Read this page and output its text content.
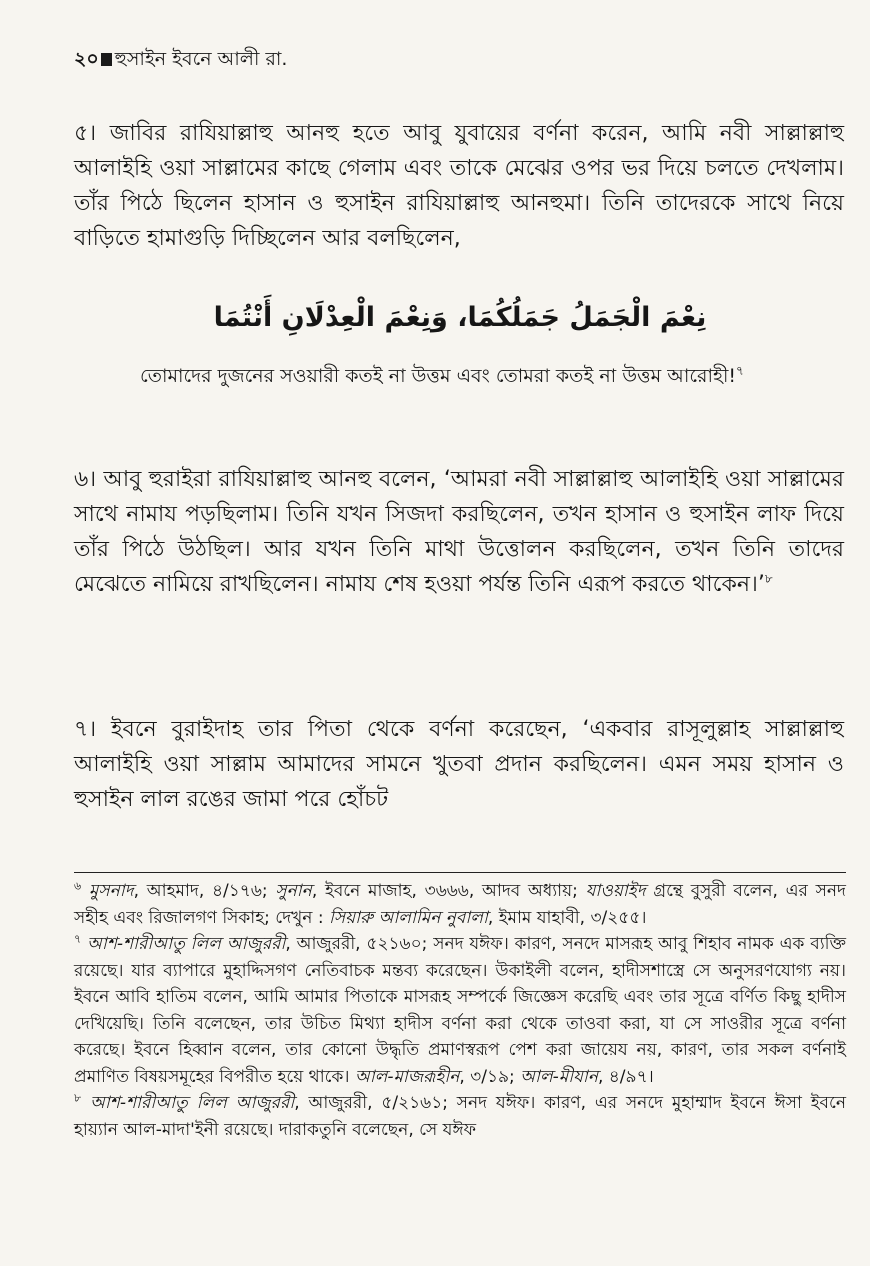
২০ হুসাইন ইবনে আলী রা.
৫। জাবির রাযিয়াল্লাহু আনহু হতে আবু যুবায়ের বর্ণনা করেন, আমি নবী সাল্লাল্লাহু আলাইহি ওয়া সাল্লামের কাছে গেলাম এবং তাকে মেঝের ওপর ভর দিয়ে চলতে দেখলাম। তাঁর পিঠে ছিলেন হাসান ও হুসাইন রাযিয়াল্লাহু আনহুমা। তিনি তাদেরকে সাথে নিয়ে বাড়িতে হামাগুড়ি দিচ্ছিলেন আর বলছিলেন,
نِعْمَ الْجَمَلُ جَمَلُكُمَا، وَنِعْمَ الْعِدْلَانِ أَنْتُمَا
তোমাদের দুজনের সওয়ারী কতই না উত্তম এবং তোমরা কতই না উত্তম আরোহী!$^৭$
৬। আবু হুরাইরা রাযিয়াল্লাহু আনহু বলেন, ‘আমরা নবী সাল্লাল্লাহু আলাইহি ওয়া সাল্লামের সাথে নামায পড়ছিলাম। তিনি যখন সিজদা করছিলেন, তখন হাসান ও হুসাইন লাফ দিয়ে তাঁর পিঠে উঠছিল। আর যখন তিনি মাথা উত্তোলন করছিলেন, তখন তিনি তাদের মেঝেতে নামিয়ে রাখছিলেন। নামায শেষ হওয়া পর্যন্ত তিনি এরূপ করতে থাকেন।’$^৮$
৭। ইবনে বুরাইদাহ তার পিতা থেকে বর্ণনা করেছেন, ‘একবার রাসূলুল্লাহ সাল্লাল্লাহু আলাইহি ওয়া সাল্লাম আমাদের সামনে খুতবা প্রদান করছিলেন। এমন সময় হাসান ও হুসাইন লাল রঙের জামা পরে হোঁচট

$^৬$ মুসনাদ, আহমাদ, ৪/১৭৬; সুনান, ইবনে মাজাহ, ৩৬৬৬, আদব অধ্যায়; যাওয়াইদ গ্রন্থে বুসুরী বলেন, এর সনদ সহীহ এবং রিজালগণ সিকাহ; দেখুন : সিয়ারু আলামিন নুবালা, ইমাম যাহাবী, ৩/২৫৫।

$^৭$ আশ-শারীআতু লিল আজুররী, আজুররী, ৫২১৬০; সনদ যঈফ। কারণ, সনদে মাসরূহ আবু শিহাব নামক এক ব্যক্তি রয়েছে। যার ব্যাপারে মুহাদ্দিসগণ নেতিবাচক মন্তব্য করেছেন। উকাইলী বলেন, হাদীসশাস্ত্রে সে অনুসরণযোগ্য নয়। ইবনে আবি হাতিম বলেন, আমি আমার পিতাকে মাসরূহ সম্পর্কে জিজ্ঞেস করেছি এবং তার সূত্রে বর্ণিত কিছু হাদীস দেখিয়েছি। তিনি বলেছেন, তার উচিত মিথ্যা হাদীস বর্ণনা করা থেকে তাওবা করা, যা সে সাওরীর সূত্রে বর্ণনা করেছে। ইবনে হিব্বান বলেন, তার কোনো উদ্ধৃতি প্রমাণস্বরূপ পেশ করা জায়েয নয়, কারণ, তার সকল বর্ণনাই প্রমাণিত বিষয়সমূহের বিপরীত হয়ে থাকে। আল-মাজরূহীন, ৩/১৯; আল-মীযান, ৪/৯৭।

$^৮$ আশ-শারীআতু লিল আজুররী, আজুররী, ৫/২১৬১; সনদ যঈফ। কারণ, এর সনদে মুহাম্মাদ ইবনে ঈসা ইবনে হায়্যান আল-মাদা'ইনী রয়েছে। দারাকতুনি বলেছেন, সে যঈফ
